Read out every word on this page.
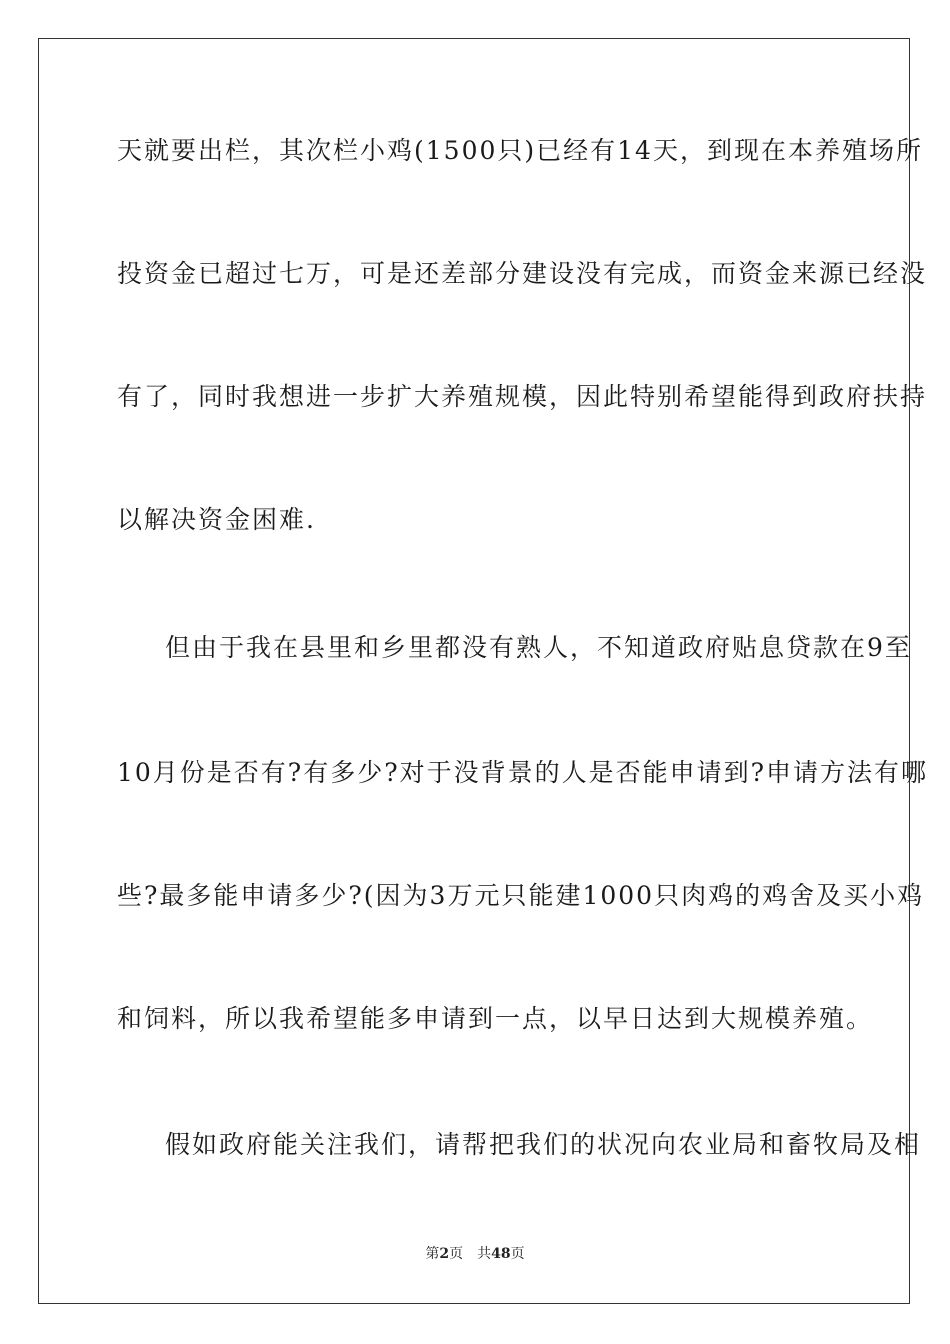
天就要出栏，其次栏小鸡(1500只)已经有14天，到现在本养殖场所
投资金已超过七万，可是还差部分建设没有完成，而资金来源已经没
有了，同时我想进一步扩大养殖规模，因此特别希望能得到政府扶持
以解决资金困难.
但由于我在县里和乡里都没有熟人，不知道政府贴息贷款在9至
10月份是否有?有多少?对于没背景的人是否能申请到?申请方法有哪
些?最多能申请多少?(因为3万元只能建1000只肉鸡的鸡舍及买小鸡
和饲料，所以我希望能多申请到一点，以早日达到大规模养殖。
假如政府能关注我们，请帮把我们的状况向农业局和畜牧局及相
第2页 共48页
